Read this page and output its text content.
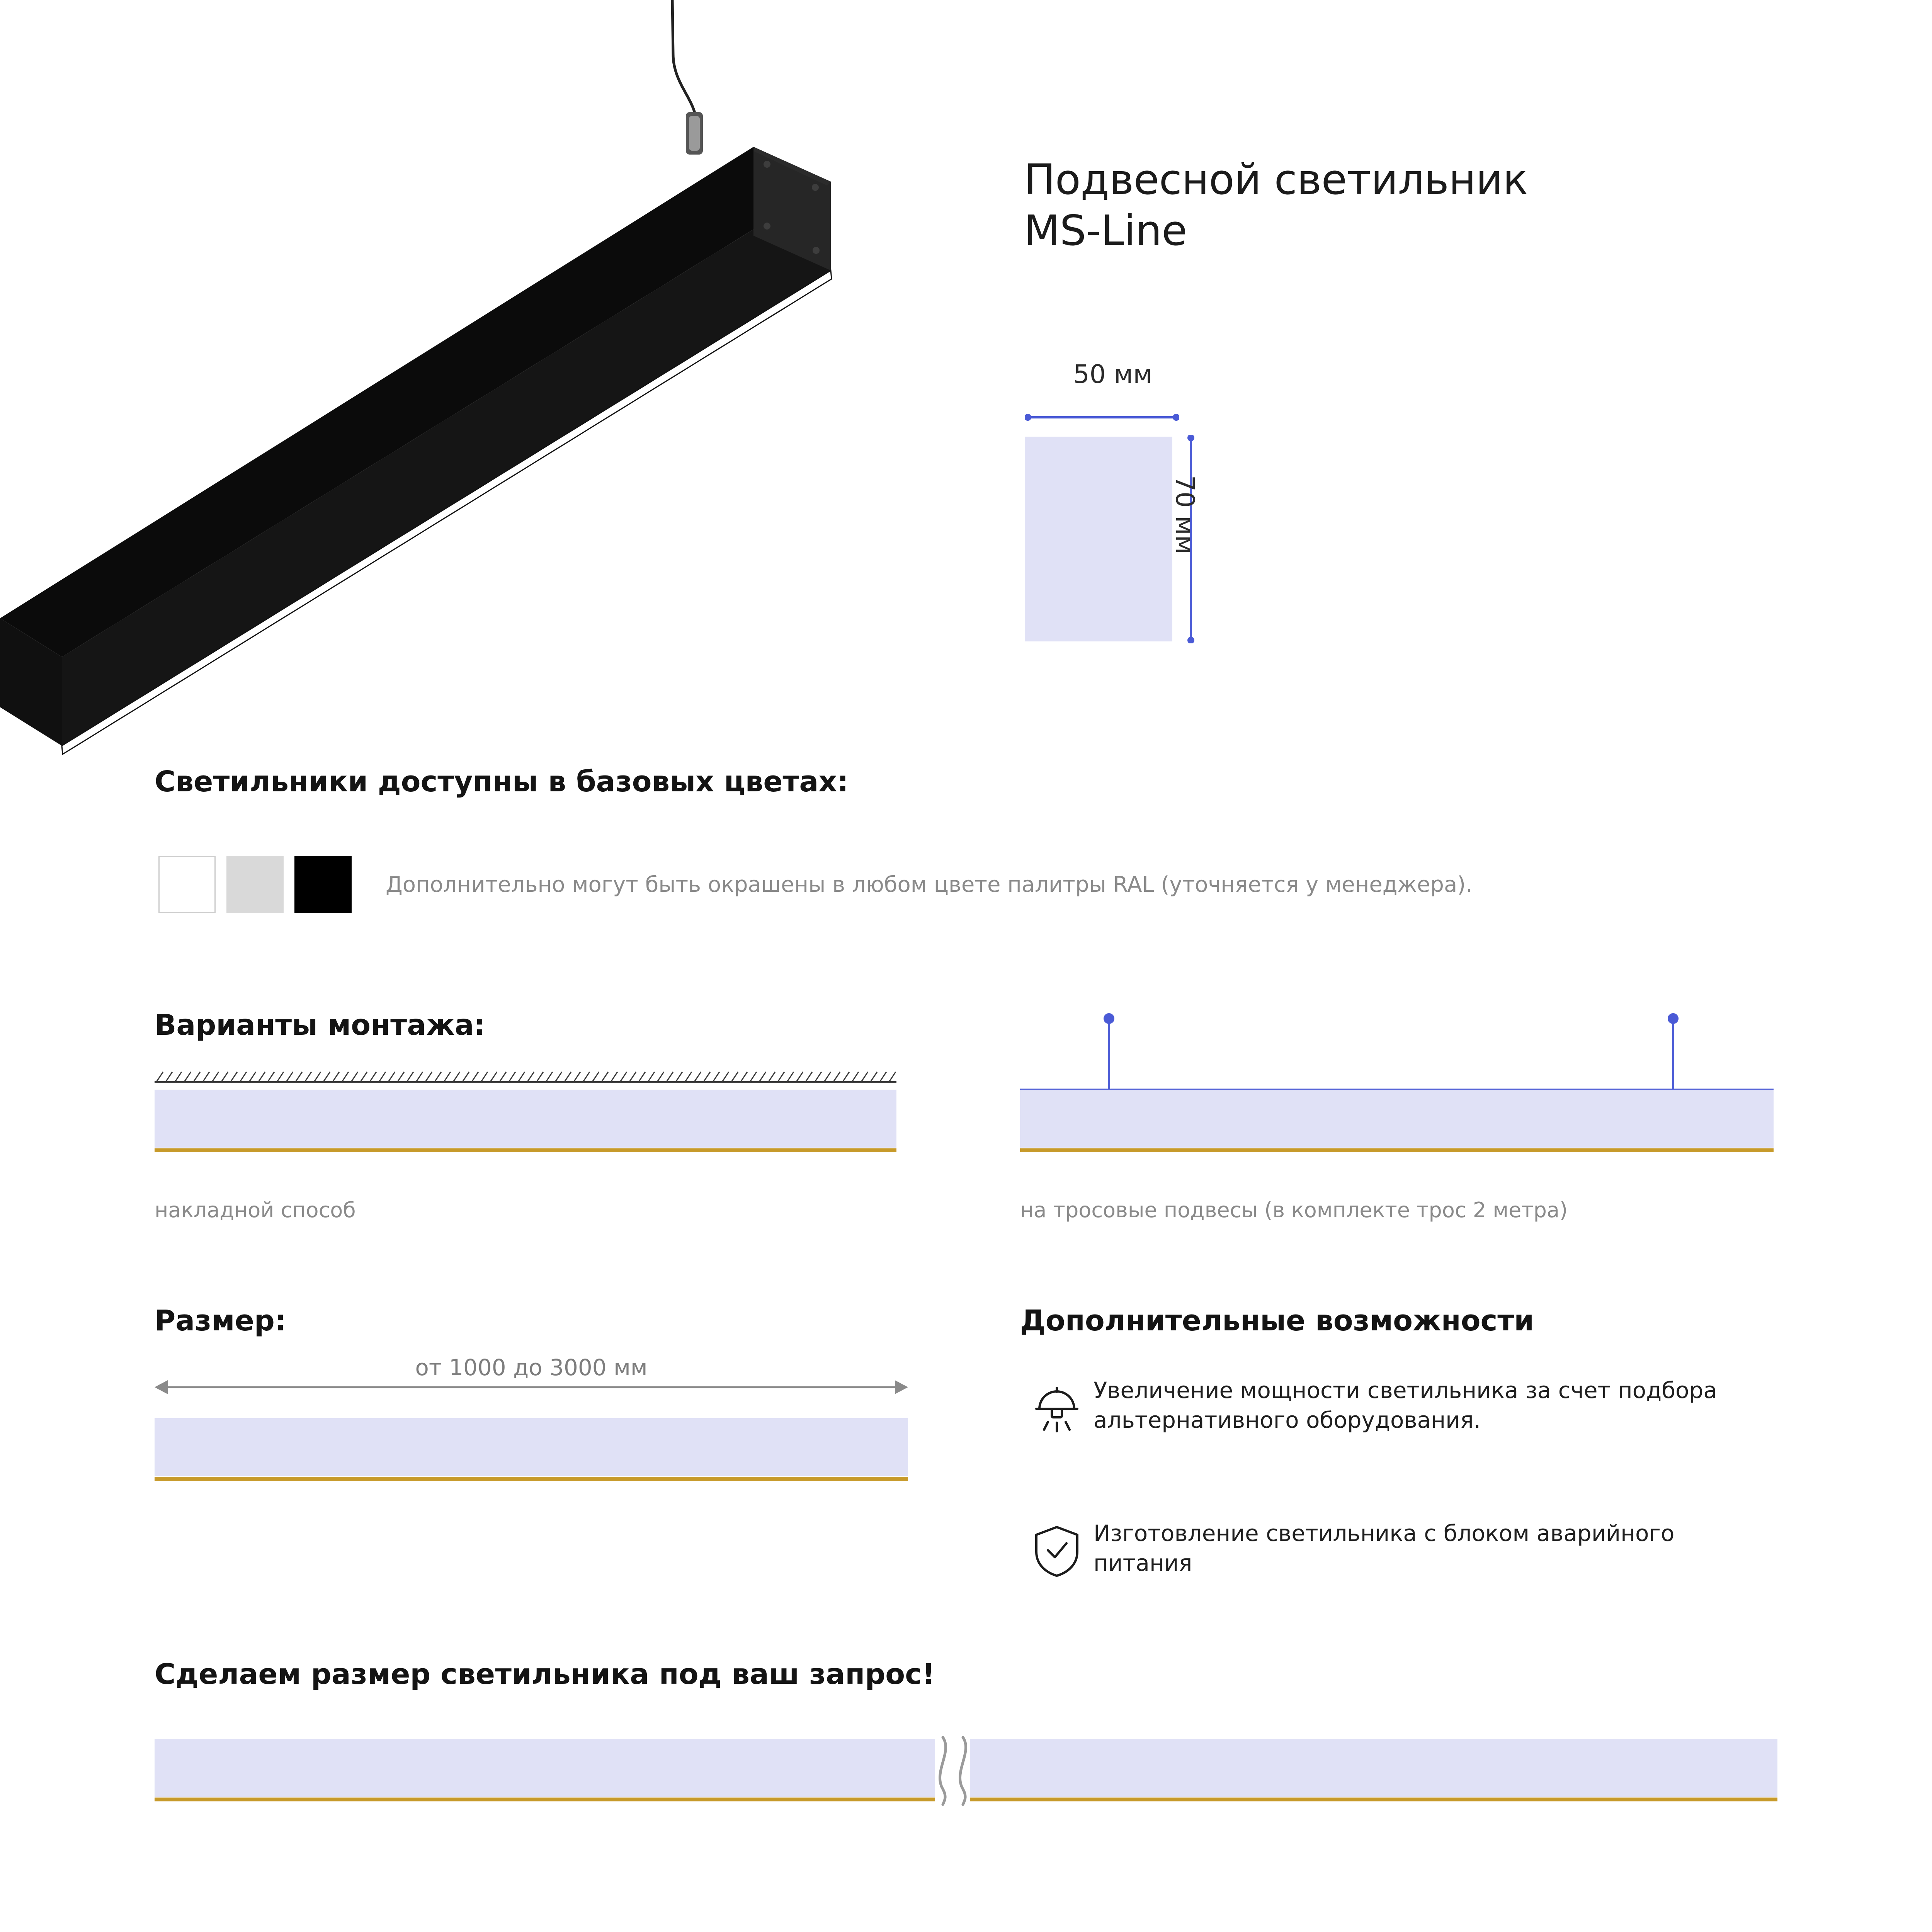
Подвесной светильник
MS-Line
50 мм
70 мм
Светильники доступны в базовых цветах:
Дополнительно могут быть окрашены в любом цвете палитры RAL (уточняется у менеджера).
Варианты монтажа:
накладной способ	на тросовые подвесы (в комплекте трос 2 метра)
Размер:
от 1000 до 3000 мм
Дополнительные возможности
Увеличение мощности светильника за счет подбора альтернативного оборудования.
Изготовление светильника с блоком аварийного питания
Сделаем размер светильника под ваш запрос!
